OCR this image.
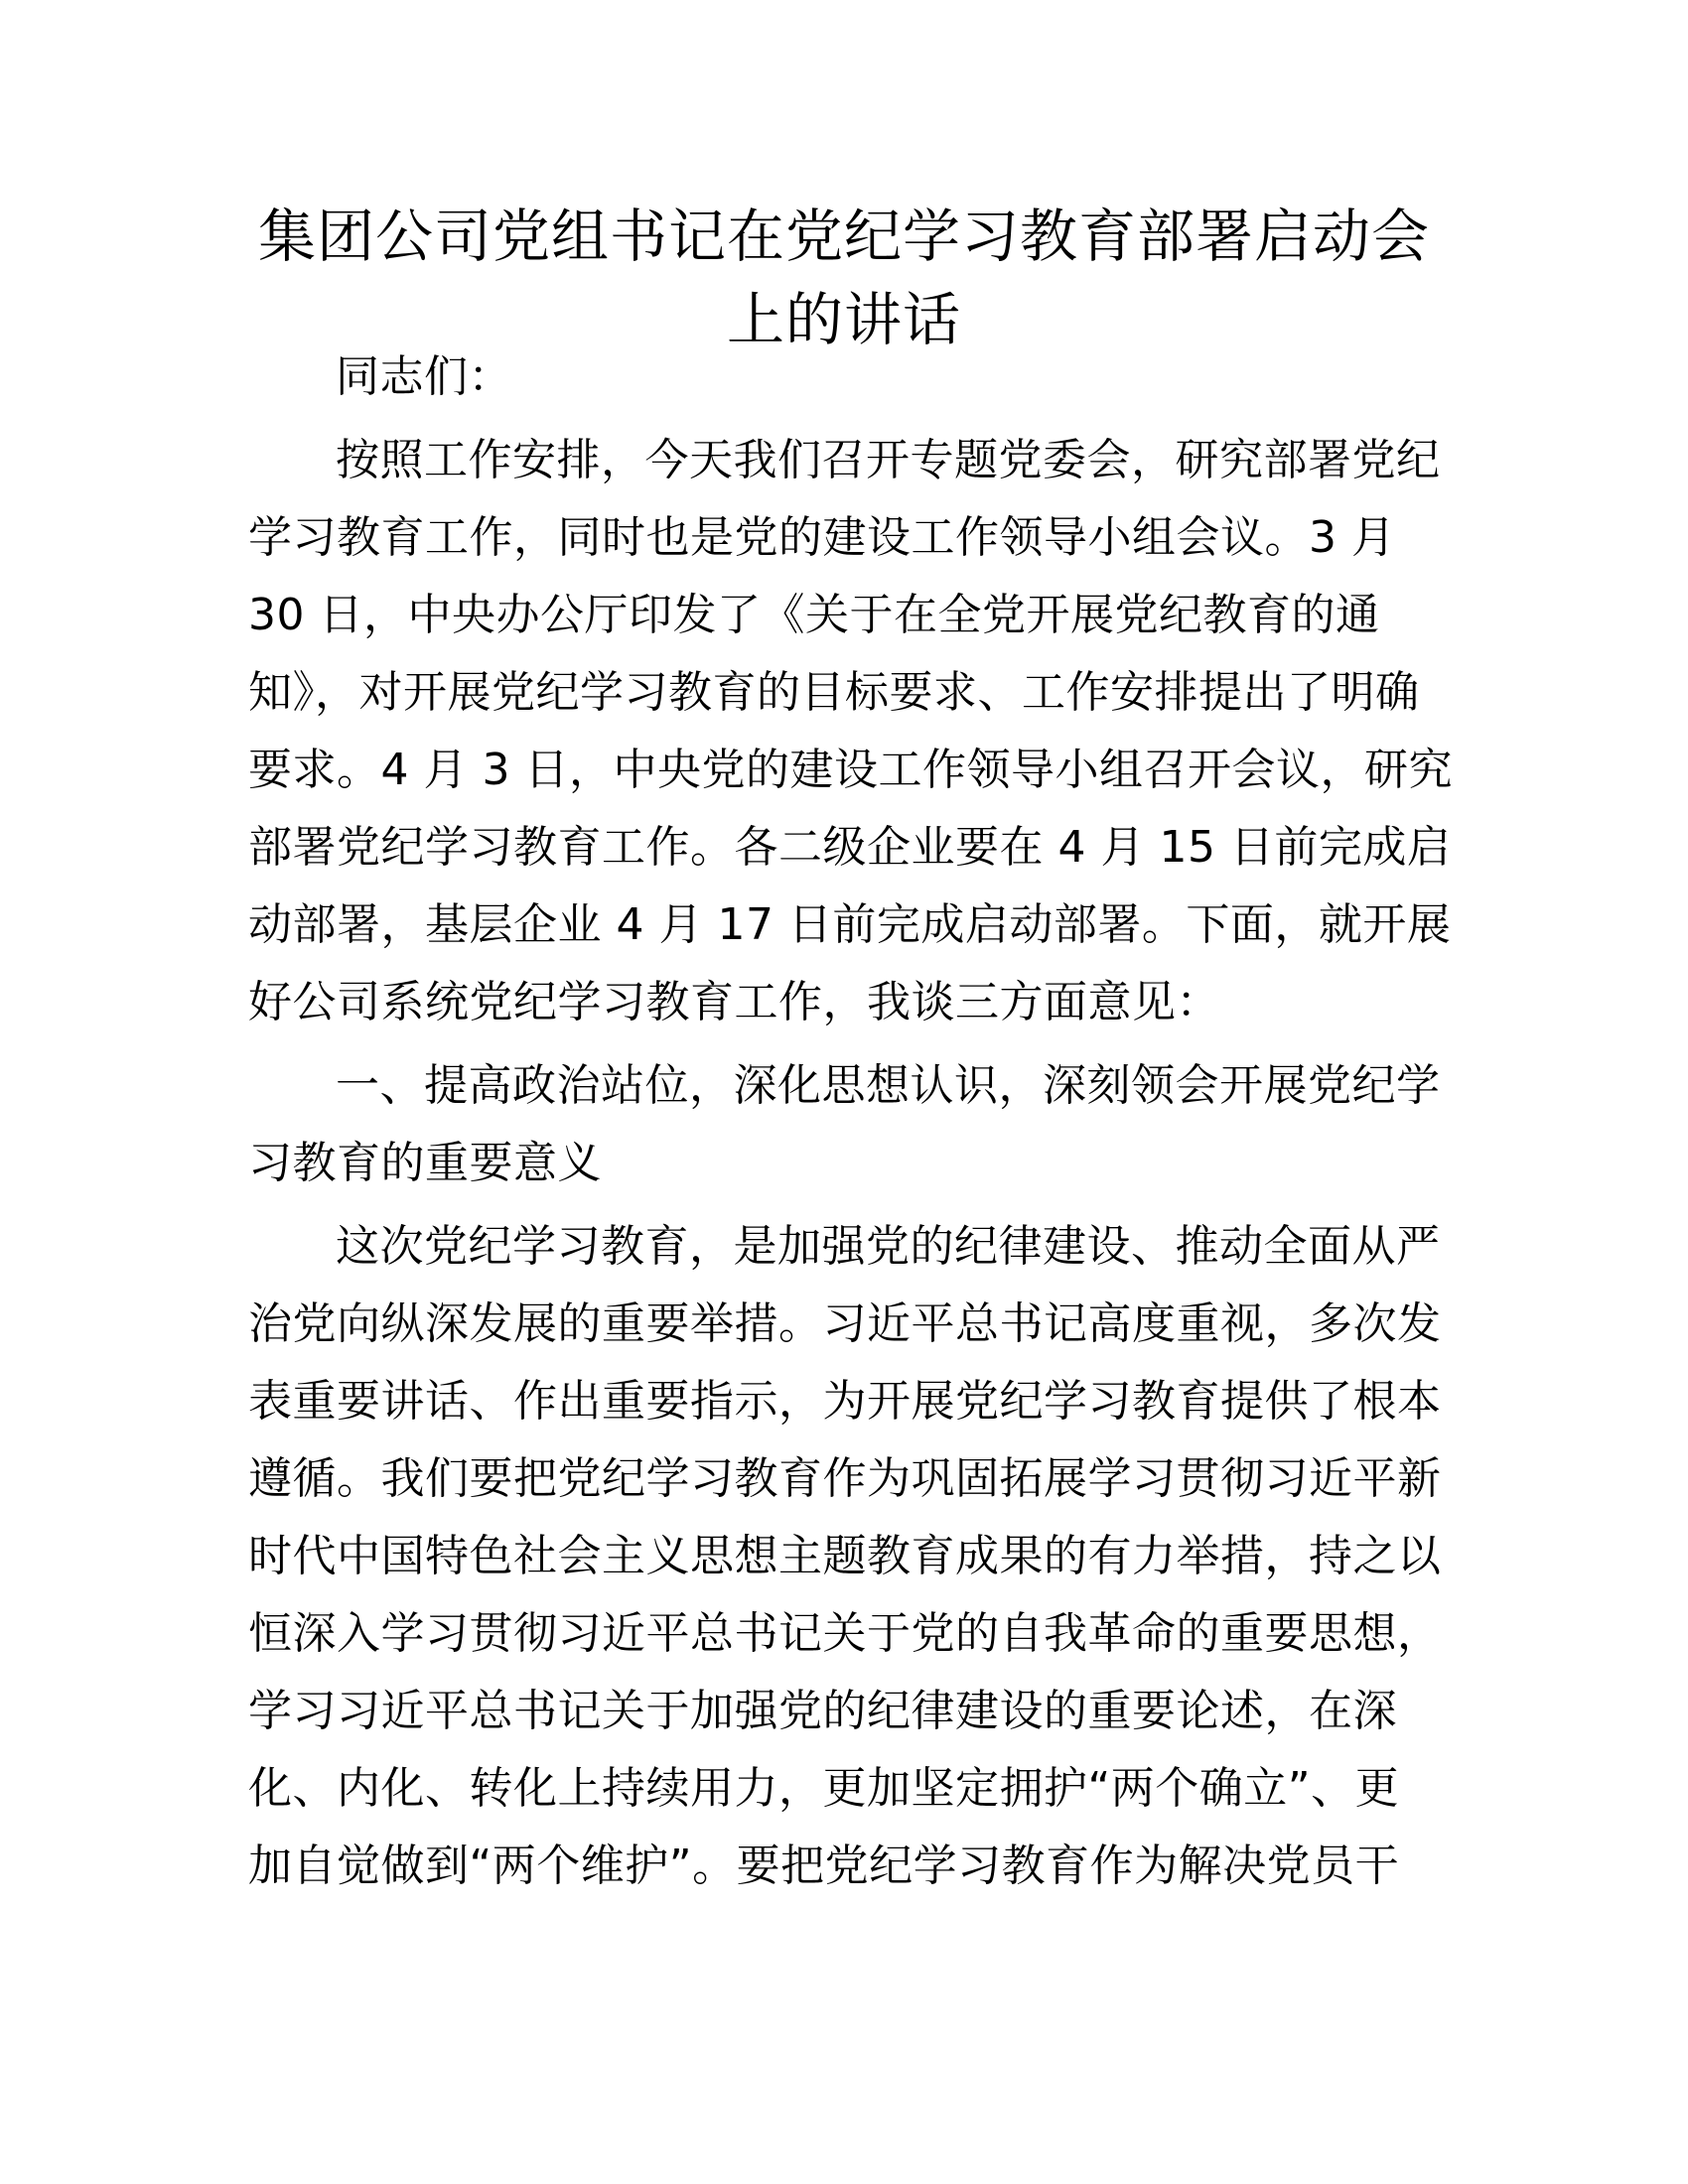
集团公司党组书记在党纪学习教育部署启动会
上的讲话
同志们：
按照工作安排，今天我们召开专题党委会，研究部署党纪
学习教育工作，同时也是党的建设工作领导小组会议。3 月
30 日，中央办公厅印发了《关于在全党开展党纪教育的通
知》，对开展党纪学习教育的目标要求、工作安排提出了明确
要求。4 月 3 日，中央党的建设工作领导小组召开会议，研究
部署党纪学习教育工作。各二级企业要在 4 月 15 日前完成启
动部署，基层企业 4 月 17 日前完成启动部署。下面，就开展
好公司系统党纪学习教育工作，我谈三方面意见：
一、提高政治站位，深化思想认识，深刻领会开展党纪学
习教育的重要意义
这次党纪学习教育，是加强党的纪律建设、推动全面从严
治党向纵深发展的重要举措。习近平总书记高度重视，多次发
表重要讲话、作出重要指示，为开展党纪学习教育提供了根本
遵循。我们要把党纪学习教育作为巩固拓展学习贯彻习近平新
时代中国特色社会主义思想主题教育成果的有力举措，持之以
恒深入学习贯彻习近平总书记关于党的自我革命的重要思想，
学习习近平总书记关于加强党的纪律建设的重要论述，在深
化、内化、转化上持续用力，更加坚定拥护“两个确立”、更
加自觉做到“两个维护”。要把党纪学习教育作为解决党员干
